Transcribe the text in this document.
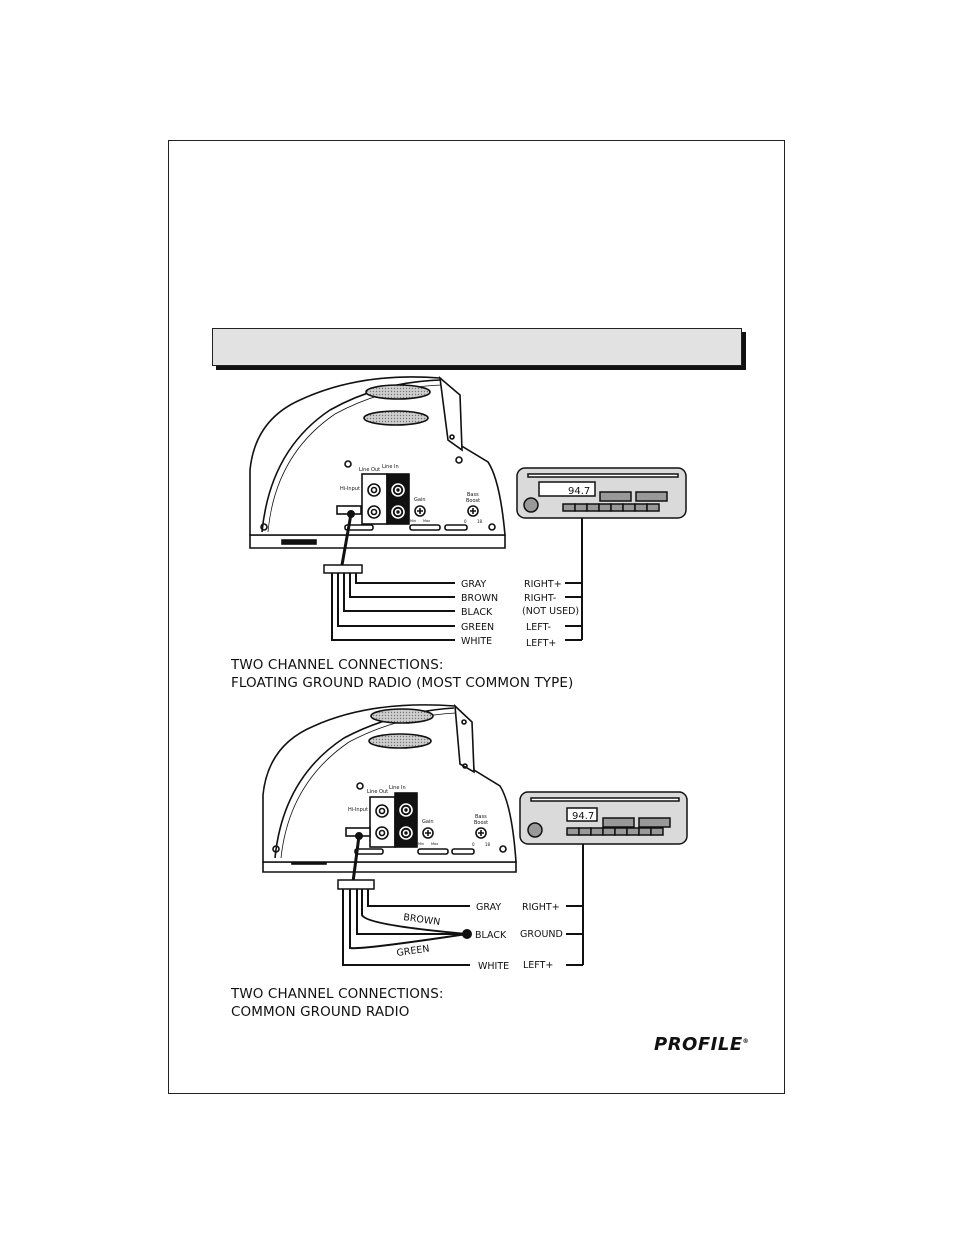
Line Out Line In
Hi-Input
Gain
Min Max
Bass
Boost
0	18
94.7
GRAY
BROWN
BLACK
GREEN
WHITE
RIGHT+
RIGHT-
(NOT USED)
LEFT-
LEFT+
Line Out
Line In
Hi-Input
Gain
Min Max
Bass
Boost
0	18
94.7
GRAY
BROWN
BLACK
GREEN
WHITE
RIGHT+
GROUND
LEFT+
TWO CHANNEL CONNECTIONS:
FLOATING GROUND RADIO (MOST COMMON TYPE)
TWO CHANNEL CONNECTIONS:
COMMON GROUND RADIO
PROFILE®
